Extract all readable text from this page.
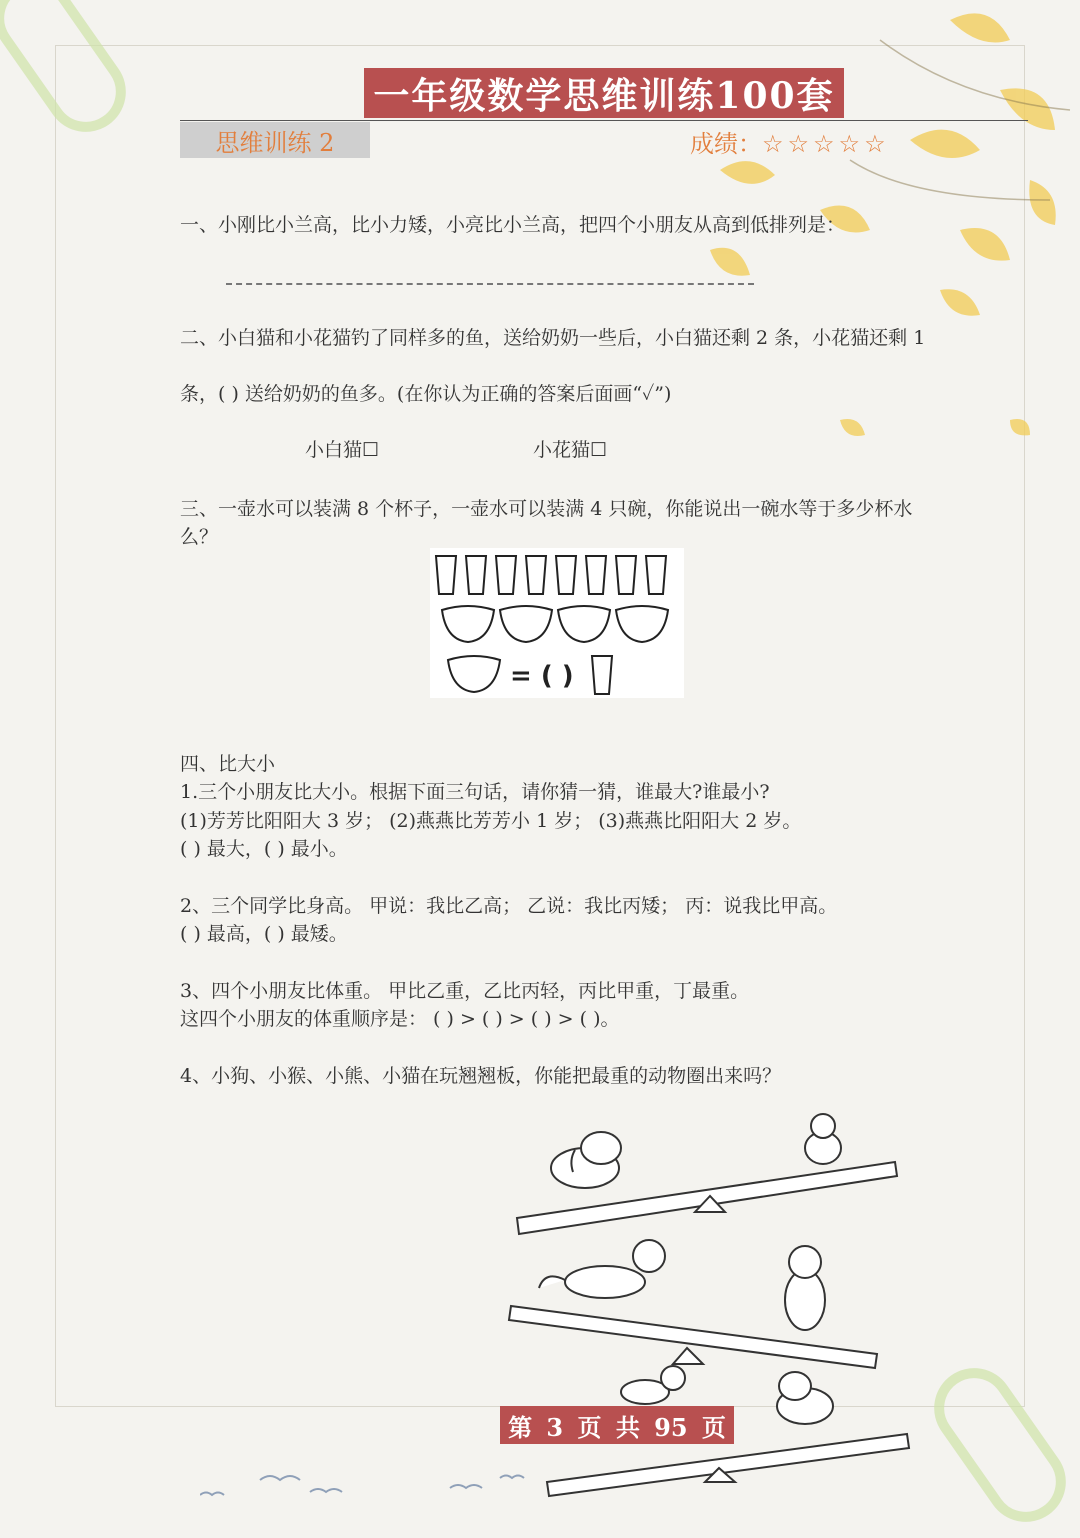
一年级数学思维训练100套
思维训练 2	成绩：☆☆☆☆☆
一、小刚比小兰高，比小力矮，小亮比小兰高，把四个小朋友从高到低排列是：
二、小白猫和小花猫钓了同样多的鱼，送给奶奶一些后，小白猫还剩 2 条，小花猫还剩 1
条，( ) 送给奶奶的鱼多。(在你认为正确的答案后面画“✓”)
小白猫☐	小花猫☐
三、一壶水可以装满 8 个杯子，一壶水可以装满 4 只碗，你能说出一碗水等于多少杯水
么？
= ( )
四、比大小
1.三个小朋友比大小。根据下面三句话，请你猜一猜，谁最大?谁最小?
(1)芳芳比阳阳大 3 岁； (2)燕燕比芳芳小 1 岁； (3)燕燕比阳阳大 2 岁。
( ) 最大，( ) 最小。
2、三个同学比身高。 甲说：我比乙高； 乙说：我比丙矮； 丙：说我比甲高。
( ) 最高，( ) 最矮。
3、四个小朋友比体重。 甲比乙重，乙比丙轻，丙比甲重，丁最重。
这四个小朋友的体重顺序是： ( ) > ( ) > ( ) > ( )。
4、小狗、小猴、小熊、小猫在玩翘翘板，你能把最重的动物圈出来吗？
第 3 页 共 95 页
